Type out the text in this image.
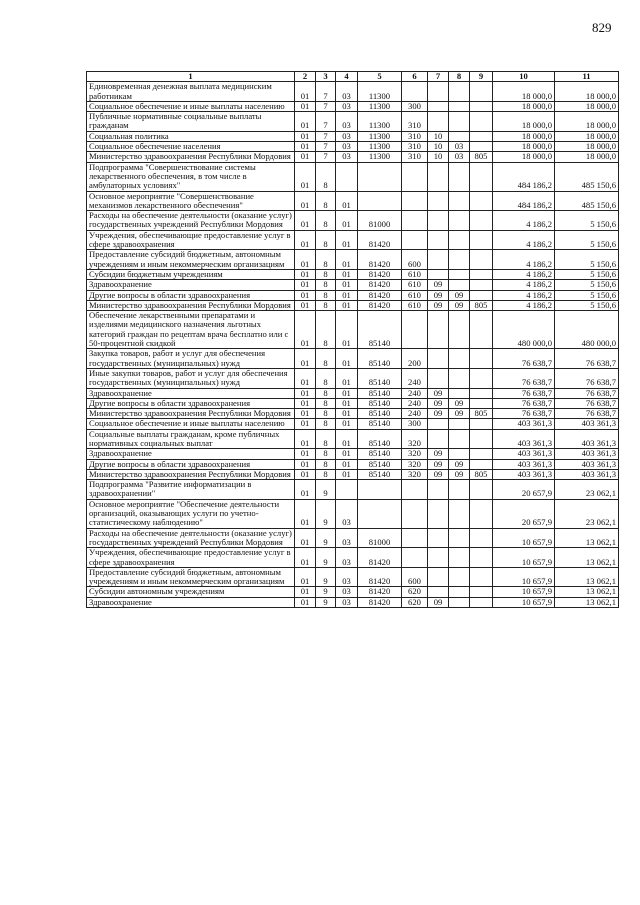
829
1	2	3	4	5	6	7	8	9	10	11
Единовременная денежная выплата медицинским работникам	01	7	03	11300					18 000,0	18 000,0
Социальное обеспечение и иные выплаты населению	01	7	03	11300	300				18 000,0	18 000,0
Публичные нормативные социальные выплаты гражданам	01	7	03	11300	310				18 000,0	18 000,0
Социальная политика	01	7	03	11300	310	10			18 000,0	18 000,0
Социальное обеспечение населения	01	7	03	11300	310	10	03		18 000,0	18 000,0
Министерство здравоохранения Республики Мордовия	01	7	03	11300	310	10	03	805	18 000,0	18 000,0
Подпрограмма "Совершенствование системы лекарственного обеспечения, в том числе в амбулаторных условиях"	01	8							484 186,2	485 150,6
Основное мероприятие "Совершенствование механизмов лекарственного обеспечения"	01	8	01						484 186,2	485 150,6
Расходы на обеспечение деятельности (оказание услуг) государственных учреждений Республики Мордовия	01	8	01	81000					4 186,2	5 150,6
Учреждения, обеспечивающие предоставление услуг в сфере здравоохранения	01	8	01	81420					4 186,2	5 150,6
Предоставление субсидий бюджетным, автономным учреждениям и иным некоммерческим организациям	01	8	01	81420	600				4 186,2	5 150,6
Субсидии бюджетным учреждениям	01	8	01	81420	610				4 186,2	5 150,6
Здравоохранение	01	8	01	81420	610	09			4 186,2	5 150,6
Другие вопросы в области здравоохранения	01	8	01	81420	610	09	09		4 186,2	5 150,6
Министерство здравоохранения Республики Мордовия	01	8	01	81420	610	09	09	805	4 186,2	5 150,6
Обеспечение лекарственными препаратами и изделиями медицинского назначения льготных категорий граждан по рецептам врача бесплатно или с 50-процентной скидкой	01	8	01	85140					480 000,0	480 000,0
Закупка товаров, работ и услуг для обеспечения государственных (муниципальных) нужд	01	8	01	85140	200				76 638,7	76 638,7
Иные закупки товаров, работ и услуг для обеспечения государственных (муниципальных) нужд	01	8	01	85140	240				76 638,7	76 638,7
Здравоохранение	01	8	01	85140	240	09			76 638,7	76 638,7
Другие вопросы в области здравоохранения	01	8	01	85140	240	09	09		76 638,7	76 638,7
Министерство здравоохранения Республики Мордовия	01	8	01	85140	240	09	09	805	76 638,7	76 638,7
Социальное обеспечение и иные выплаты населению	01	8	01	85140	300				403 361,3	403 361,3
Социальные выплаты гражданам, кроме публичных нормативных социальных выплат	01	8	01	85140	320				403 361,3	403 361,3
Здравоохранение	01	8	01	85140	320	09			403 361,3	403 361,3
Другие вопросы в области здравоохранения	01	8	01	85140	320	09	09		403 361,3	403 361,3
Министерство здравоохранения Республики Мордовия	01	8	01	85140	320	09	09	805	403 361,3	403 361,3
Подпрограмма "Развитие информатизации в здравоохранении"	01	9							20 657,9	23 062,1
Основное мероприятие "Обеспечение деятельности организаций, оказывающих услуги по учетно-статистическому наблюдению"	01	9	03						20 657,9	23 062,1
Расходы на обеспечение деятельности (оказание услуг) государственных учреждений Республики Мордовия	01	9	03	81000					10 657,9	13 062,1
Учреждения, обеспечивающие предоставление услуг в сфере здравоохранения	01	9	03	81420					10 657,9	13 062,1
Предоставление субсидий бюджетным, автономным учреждениям и иным некоммерческим организациям	01	9	03	81420	600				10 657,9	13 062,1
Субсидии автономным учреждениям	01	9	03	81420	620				10 657,9	13 062,1
Здравоохранение	01	9	03	81420	620	09			10 657,9	13 062,1
